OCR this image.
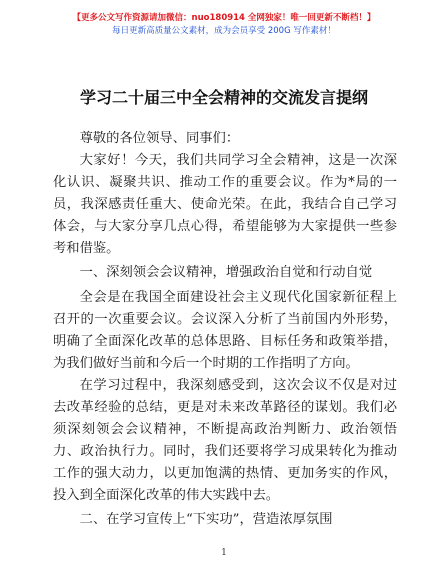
【更多公文写作资源请加微信：nuo180914 全网独家！唯一回更新不断档！】
每日更新高质量公文素材，成为会员享受 200G 写作素材！
学习二十届三中全会精神的交流发言提纲

尊敬的各位领导、同事们：

大家好！今天，我们共同学习全会精神，这是一次深化认识、凝聚共识、推动工作的重要会议。作为*局的一员，我深感责任重大、使命光荣。在此，我结合自己学习体会，与大家分享几点心得，希望能够为大家提供一些参考和借鉴。

一、深刻领会会议精神，增强政治自觉和行动自觉

全会是在我国全面建设社会主义现代化国家新征程上召开的一次重要会议。会议深入分析了当前国内外形势，明确了全面深化改革的总体思路、目标任务和政策举措，为我们做好当前和今后一个时期的工作指明了方向。

在学习过程中，我深刻感受到，这次会议不仅是对过去改革经验的总结，更是对未来改革路径的谋划。我们必须深刻领会会议精神，不断提高政治判断力、政治领悟力、政治执行力。同时，我们还要将学习成果转化为推动工作的强大动力，以更加饱满的热情、更加务实的作风，投入到全面深化改革的伟大实践中去。

二、在学习宣传上“下实功”，营造浓厚氛围

1
